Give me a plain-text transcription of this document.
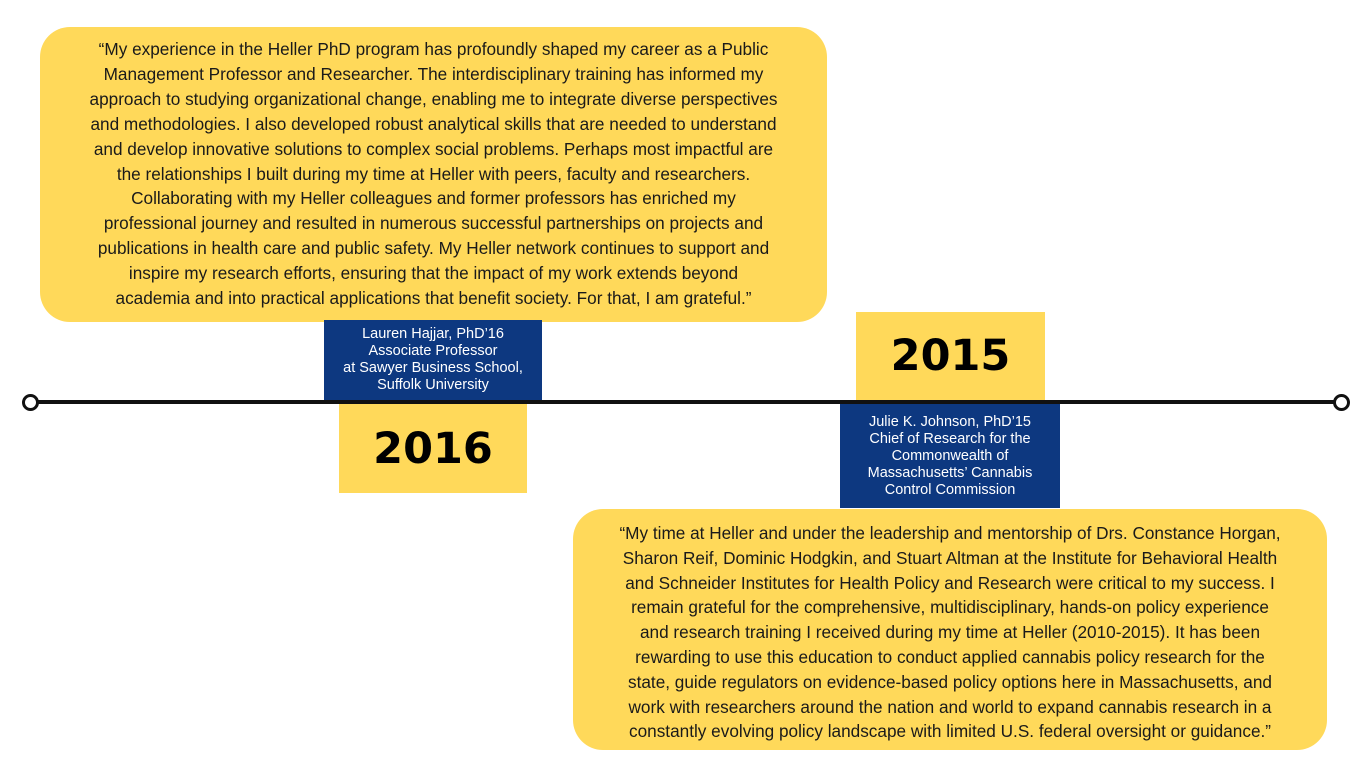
“My experience in the Heller PhD program has profoundly shaped my career as a Public
Management Professor and Researcher. The interdisciplinary training has informed my
approach to studying organizational change, enabling me to integrate diverse perspectives
and methodologies. I also developed robust analytical skills that are needed to understand
and develop innovative solutions to complex social problems. Perhaps most impactful are
the relationships I built during my time at Heller with peers, faculty and researchers.
Collaborating with my Heller colleagues and former professors has enriched my
professional journey and resulted in numerous successful partnerships on projects and
publications in health care and public safety. My Heller network continues to support and
inspire my research efforts, ensuring that the impact of my work extends beyond
academia and into practical applications that benefit society. For that, I am grateful.”
Lauren Hajjar, PhD’16
Associate Professor
at Sawyer Business School,
Suffolk University
2015
2016
Julie K. Johnson, PhD’15
Chief of Research for the
Commonwealth of
Massachusetts’ Cannabis
Control Commission
“My time at Heller and under the leadership and mentorship of Drs. Constance Horgan,
Sharon Reif, Dominic Hodgkin, and Stuart Altman at the Institute for Behavioral Health
and Schneider Institutes for Health Policy and Research were critical to my success. I
remain grateful for the comprehensive, multidisciplinary, hands-on policy experience
and research training I received during my time at Heller (2010-2015). It has been
rewarding to use this education to conduct applied cannabis policy research for the
state, guide regulators on evidence-based policy options here in Massachusetts, and
work with researchers around the nation and world to expand cannabis research in a
constantly evolving policy landscape with limited U.S. federal oversight or guidance.”
